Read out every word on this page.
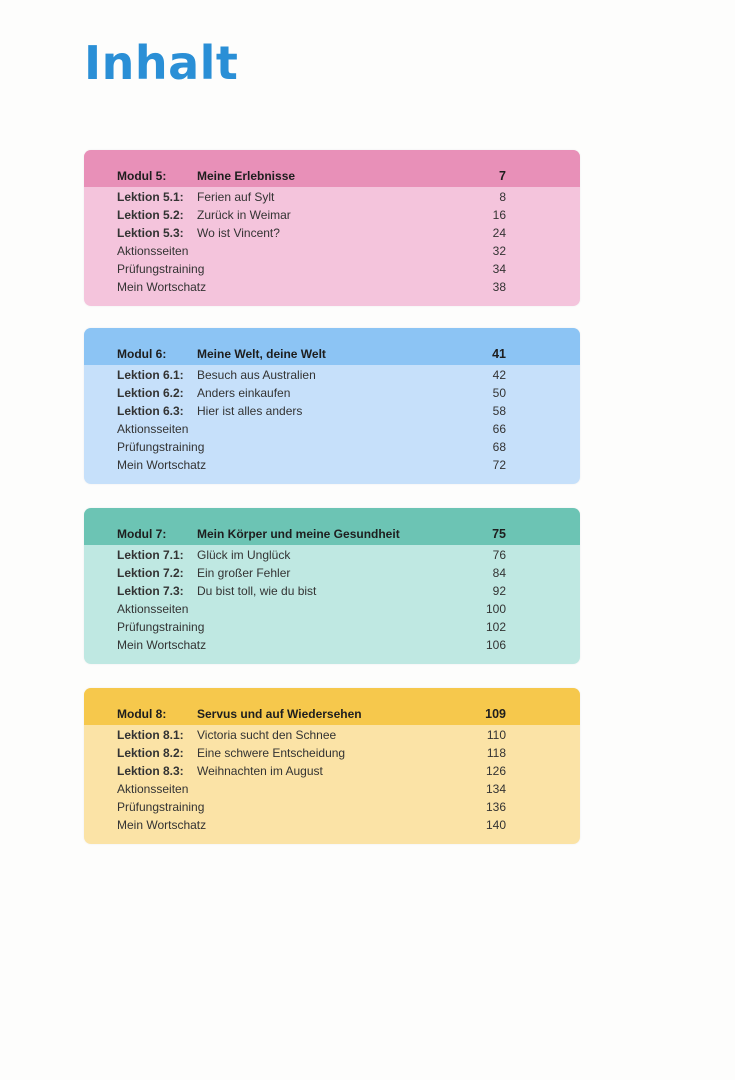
Inhalt
Modul 5:	Meine Erlebnisse	7
Lektion 5.1: Ferien auf Sylt	8
Lektion 5.2: Zurück in Weimar	16
Lektion 5.3: Wo ist Vincent?	24
Aktionsseiten	32
Prüfungstraining	34
Mein Wortschatz	38
Modul 6:	Meine Welt, deine Welt	41
Lektion 6.1: Besuch aus Australien	42
Lektion 6.2: Anders einkaufen	50
Lektion 6.3: Hier ist alles anders	58
Aktionsseiten	66
Prüfungstraining	68
Mein Wortschatz	72
Modul 7:	Mein Körper und meine Gesundheit	75
Lektion 7.1: Glück im Unglück	76
Lektion 7.2: Ein großer Fehler	84
Lektion 7.3: Du bist toll, wie du bist	92
Aktionsseiten	100
Prüfungstraining	102
Mein Wortschatz	106
Modul 8:	Servus und auf Wiedersehen	109
Lektion 8.1: Victoria sucht den Schnee	110
Lektion 8.2: Eine schwere Entscheidung	118
Lektion 8.3: Weihnachten im August	126
Aktionsseiten	134
Prüfungstraining	136
Mein Wortschatz	140
